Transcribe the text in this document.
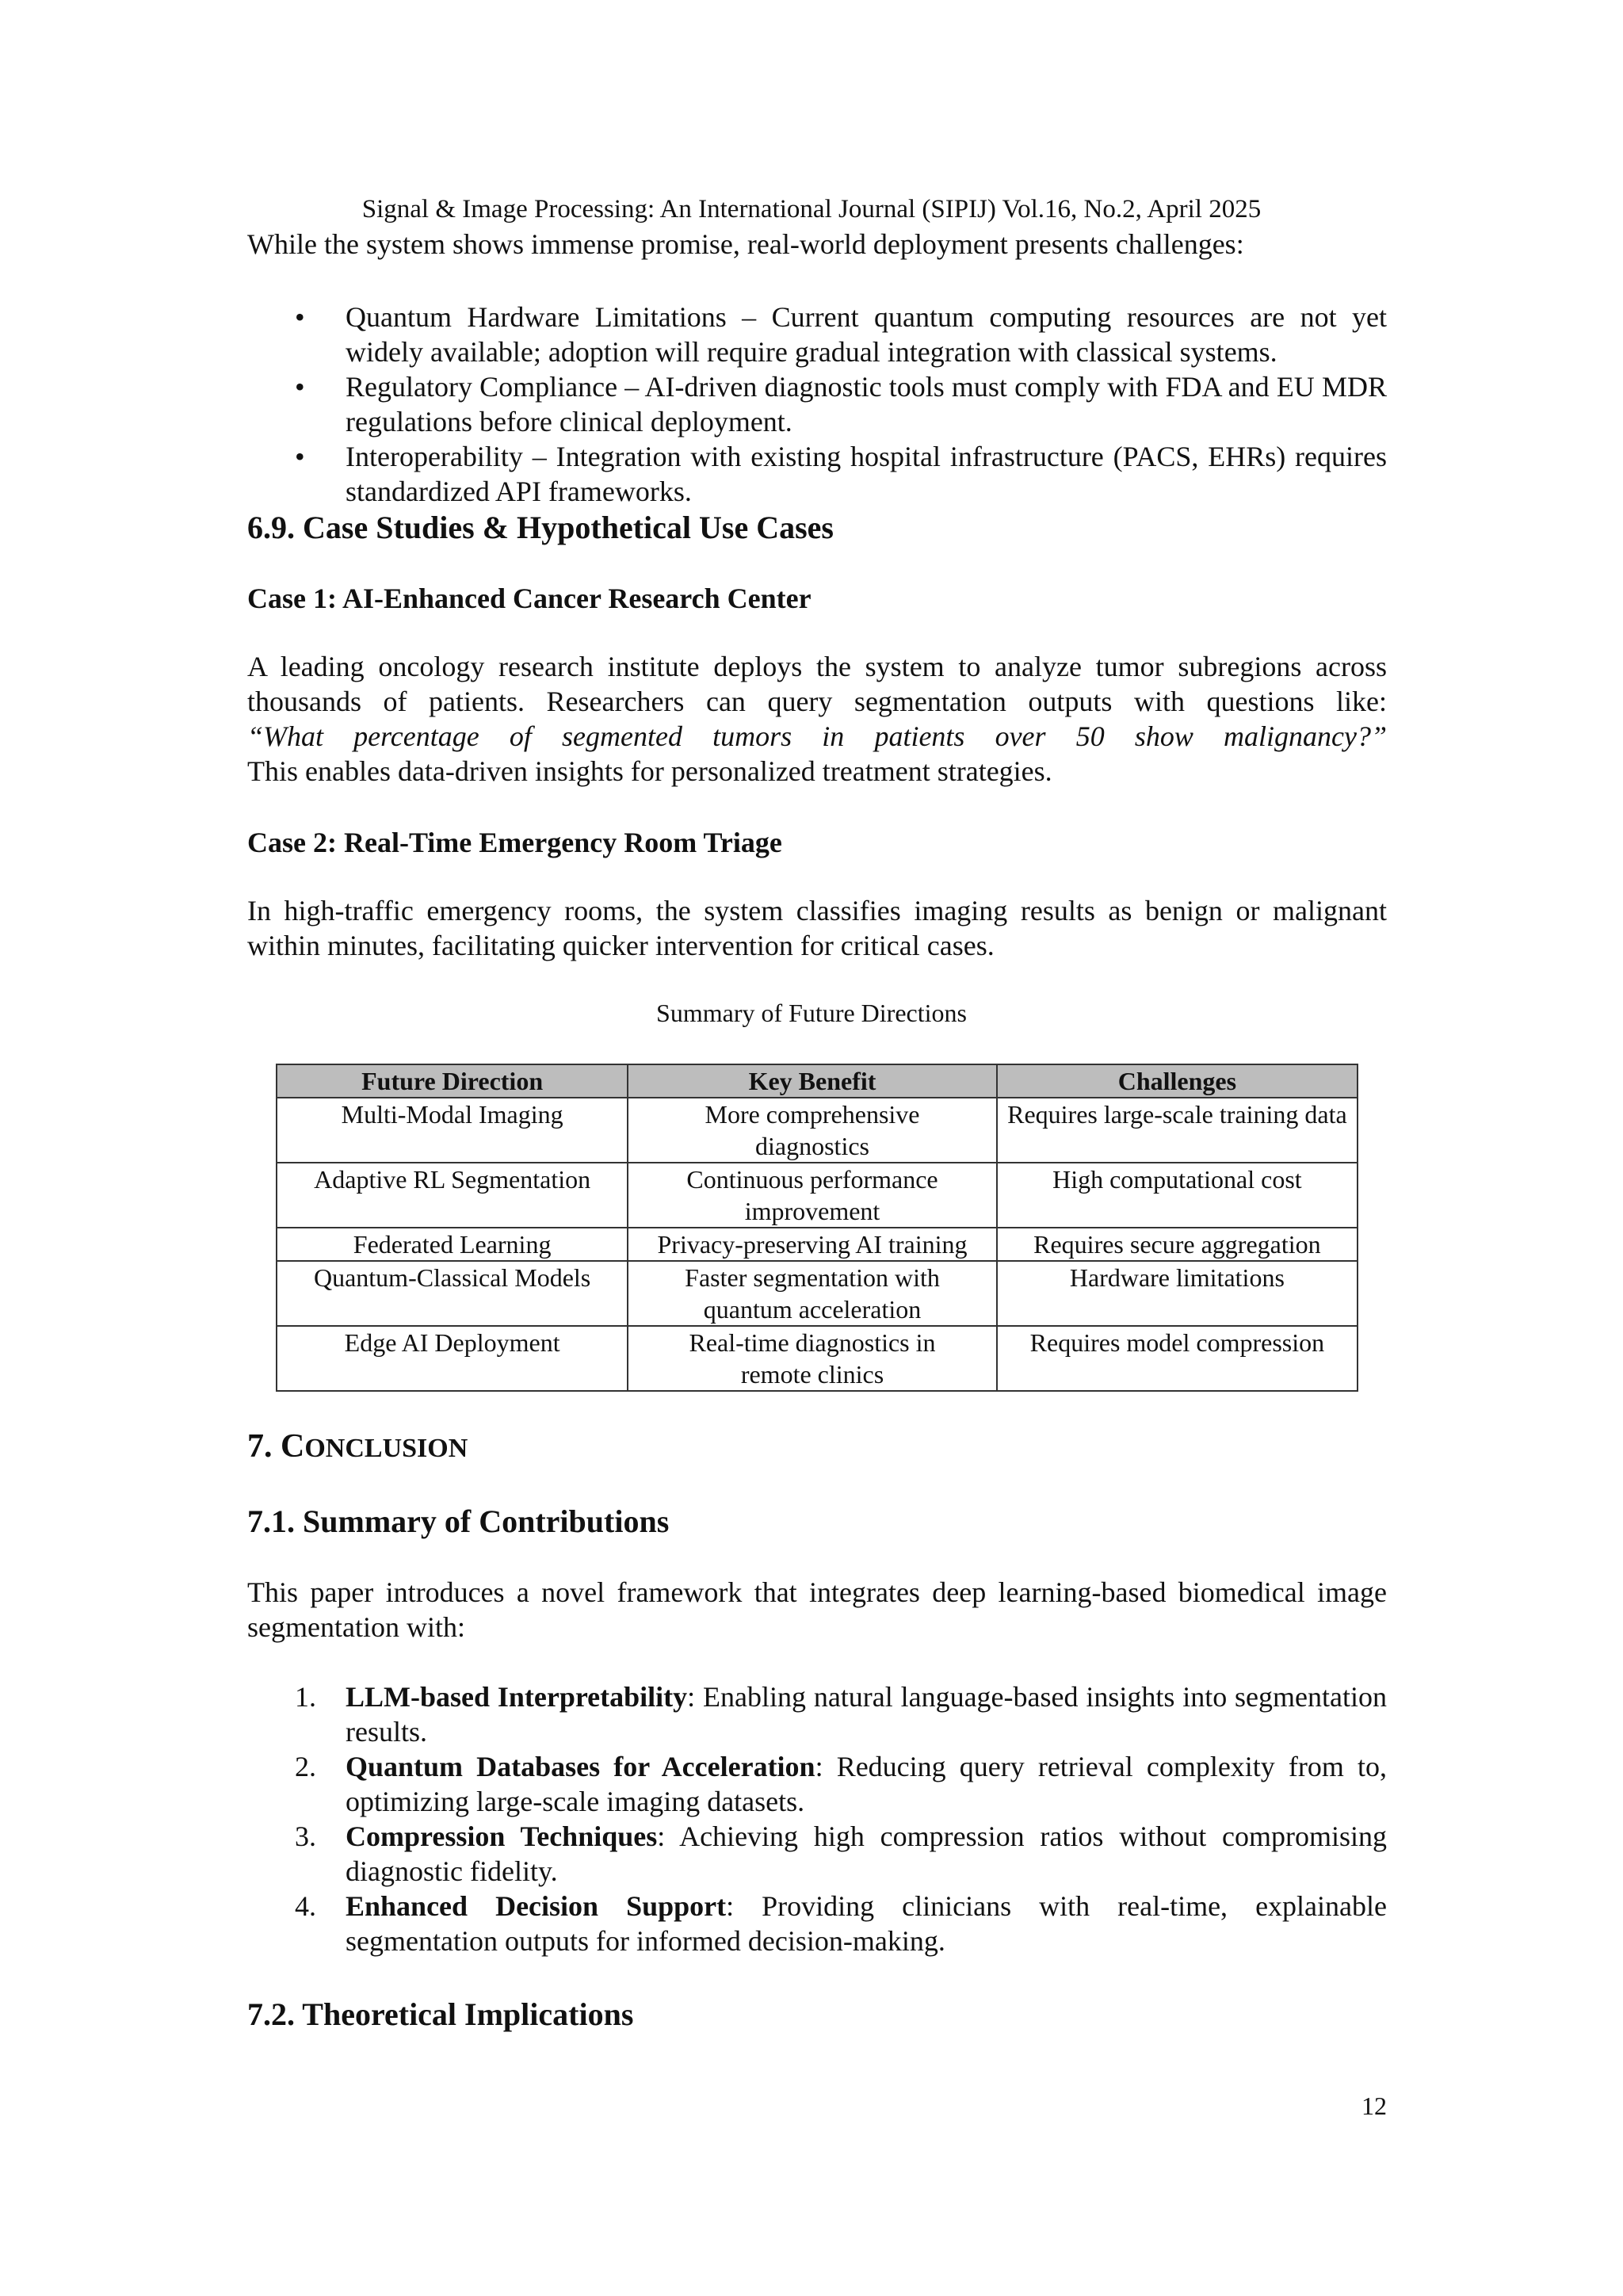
Signal & Image Processing: An International Journal (SIPIJ) Vol.16, No.2, April 2025
While the system shows immense promise, real-world deployment presents challenges:
• Quantum Hardware Limitations – Current quantum computing resources are not yet widely available; adoption will require gradual integration with classical systems.
• Regulatory Compliance – AI-driven diagnostic tools must comply with FDA and EU MDR regulations before clinical deployment.
• Interoperability – Integration with existing hospital infrastructure (PACS, EHRs) requires standardized API frameworks.
6.9. Case Studies & Hypothetical Use Cases
Case 1: AI-Enhanced Cancer Research Center
A leading oncology research institute deploys the system to analyze tumor subregions across thousands of patients. Researchers can query segmentation outputs with questions like:
“What percentage of segmented tumors in patients over 50 show malignancy?”
This enables data-driven insights for personalized treatment strategies.
Case 2: Real-Time Emergency Room Triage
In high-traffic emergency rooms, the system classifies imaging results as benign or malignant within minutes, facilitating quicker intervention for critical cases.
Summary of Future Directions
Future Direction	Key Benefit	Challenges
Multi-Modal Imaging	More comprehensive diagnostics	Requires large-scale training data
Adaptive RL Segmentation	Continuous performance improvement	High computational cost
Federated Learning	Privacy-preserving AI training	Requires secure aggregation
Quantum-Classical Models	Faster segmentation with quantum acceleration	Hardware limitations
Edge AI Deployment	Real-time diagnostics in remote clinics	Requires model compression
7. CONCLUSION
7.1. Summary of Contributions
This paper introduces a novel framework that integrates deep learning-based biomedical image segmentation with:
1. LLM-based Interpretability: Enabling natural language-based insights into segmentation results.
2. Quantum Databases for Acceleration: Reducing query retrieval complexity from to, optimizing large-scale imaging datasets.
3. Compression Techniques: Achieving high compression ratios without compromising diagnostic fidelity.
4. Enhanced Decision Support: Providing clinicians with real-time, explainable segmentation outputs for informed decision-making.
7.2. Theoretical Implications
12
